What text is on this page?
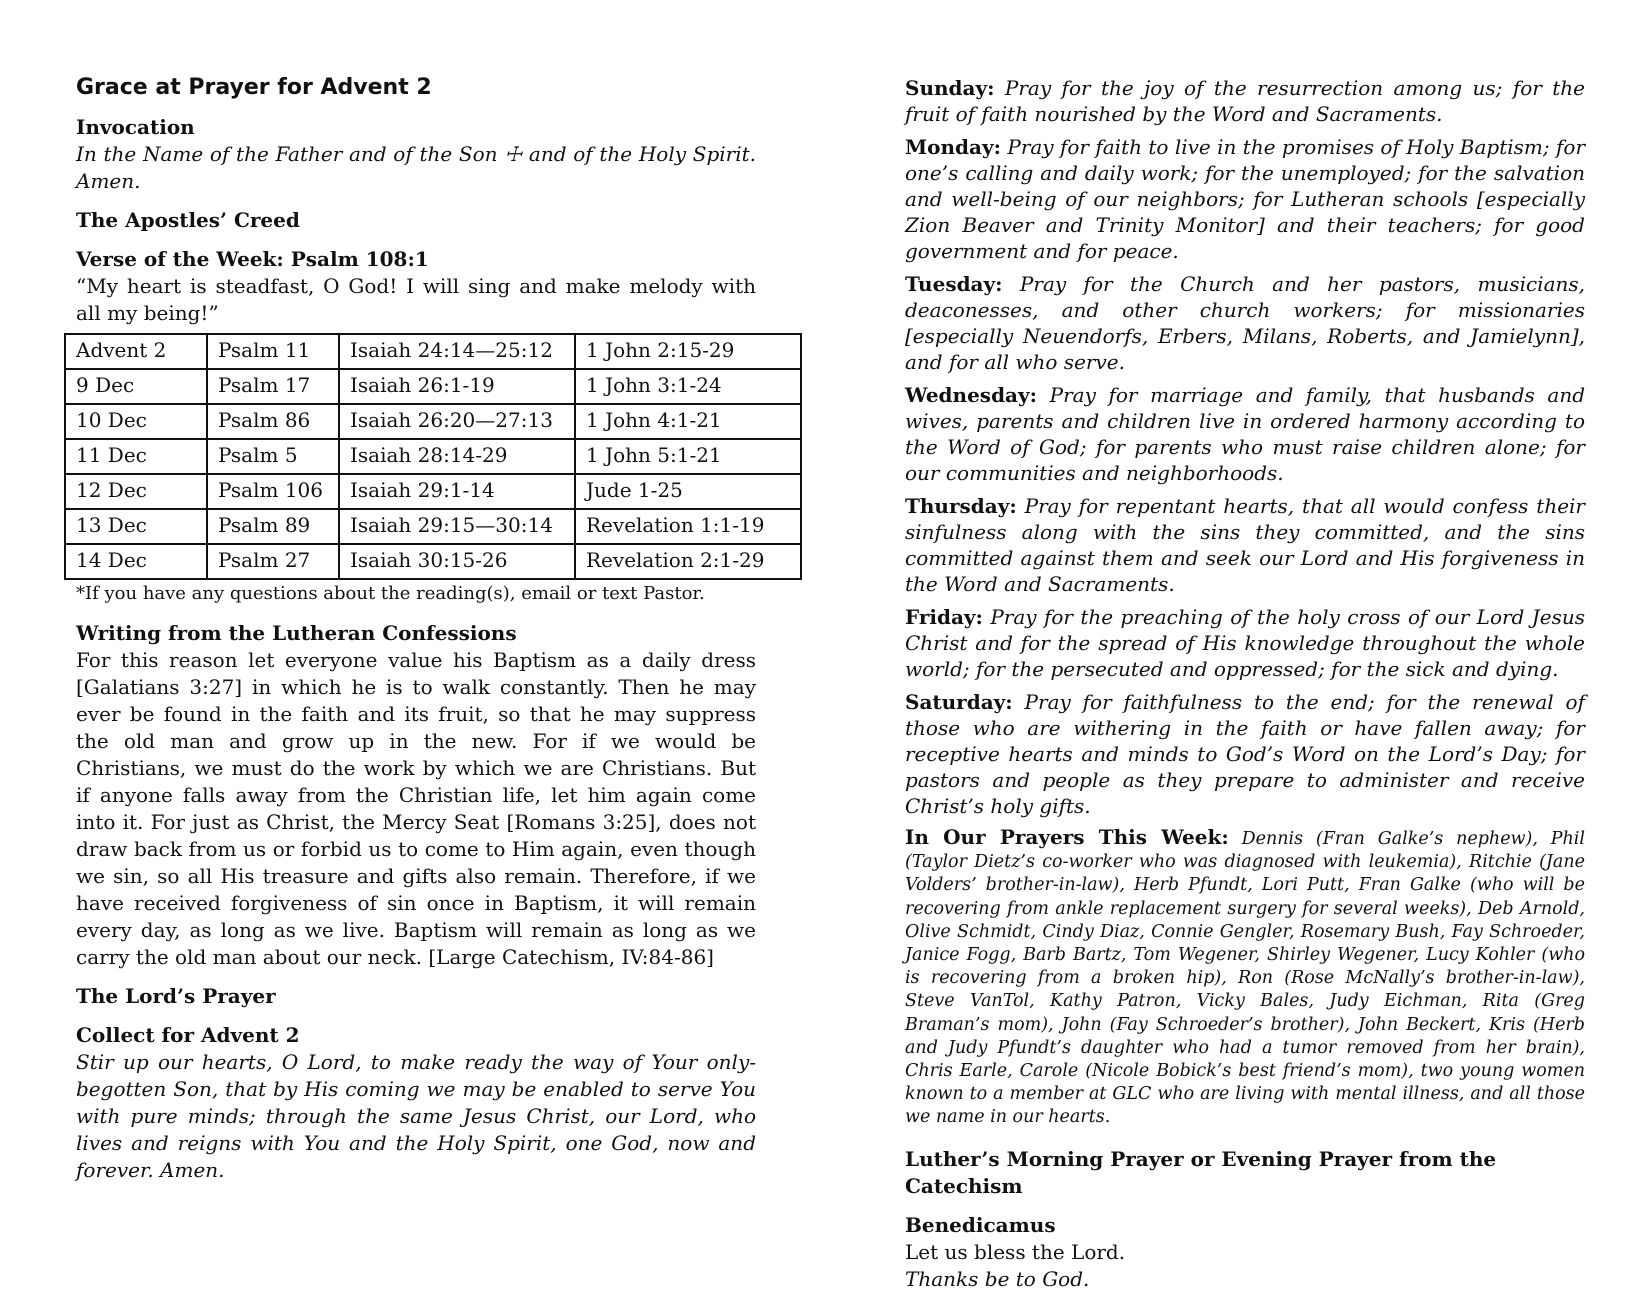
Grace at Prayer for Advent 2
Invocation
In the Name of the Father and of the Son ☩ and of the Holy Spirit. Amen.
The Apostles’ Creed
Verse of the Week: Psalm 108:1
“My heart is steadfast, O God! I will sing and make melody with all my being!”
Advent 2	Psalm 11	Isaiah 24:14—25:12	1 John 2:15-29
9 Dec	Psalm 17	Isaiah 26:1-19	1 John 3:1-24
10 Dec	Psalm 86	Isaiah 26:20—27:13	1 John 4:1-21
11 Dec	Psalm 5	Isaiah 28:14-29	1 John 5:1-21
12 Dec	Psalm 106	Isaiah 29:1-14	Jude 1-25
13 Dec	Psalm 89	Isaiah 29:15—30:14	Revelation 1:1-19
14 Dec	Psalm 27	Isaiah 30:15-26	Revelation 2:1-29
*If you have any questions about the reading(s), email or text Pastor.
Writing from the Lutheran Confessions
For this reason let everyone value his Baptism as a daily dress [Galatians 3:27] in which he is to walk constantly. Then he may ever be found in the faith and its fruit, so that he may suppress the old man and grow up in the new. For if we would be Christians, we must do the work by which we are Christians. But if anyone falls away from the Christian life, let him again come into it. For just as Christ, the Mercy Seat [Romans 3:25], does not draw back from us or forbid us to come to Him again, even though we sin, so all His treasure and gifts also remain. Therefore, if we have received forgiveness of sin once in Baptism, it will remain every day, as long as we live. Baptism will remain as long as we carry the old man about our neck. [Large Catechism, IV:84-86]
The Lord’s Prayer
Collect for Advent 2
Stir up our hearts, O Lord, to make ready the way of Your only-begotten Son, that by His coming we may be enabled to serve You with pure minds; through the same Jesus Christ, our Lord, who lives and reigns with You and the Holy Spirit, one God, now and forever. Amen.
Sunday: Pray for the joy of the resurrection among us; for the fruit of faith nourished by the Word and Sacraments.
Monday: Pray for faith to live in the promises of Holy Baptism; for one’s calling and daily work; for the unemployed; for the salvation and well-being of our neighbors; for Lutheran schools [especially Zion Beaver and Trinity Monitor] and their teachers; for good government and for peace.
Tuesday: Pray for the Church and her pastors, musicians, deaconesses, and other church workers; for missionaries [especially Neuendorfs, Erbers, Milans, Roberts, and Jamielynn], and for all who serve.
Wednesday: Pray for marriage and family, that husbands and wives, parents and children live in ordered harmony according to the Word of God; for parents who must raise children alone; for our communities and neighborhoods.
Thursday: Pray for repentant hearts, that all would confess their sinfulness along with the sins they committed, and the sins committed against them and seek our Lord and His forgiveness in the Word and Sacraments.
Friday: Pray for the preaching of the holy cross of our Lord Jesus Christ and for the spread of His knowledge throughout the whole world; for the persecuted and oppressed; for the sick and dying.
Saturday: Pray for faithfulness to the end; for the renewal of those who are withering in the faith or have fallen away; for receptive hearts and minds to God’s Word on the Lord’s Day; for pastors and people as they prepare to administer and receive Christ’s holy gifts.
In Our Prayers This Week: Dennis (Fran Galke’s nephew), Phil (Taylor Dietz’s co-worker who was diagnosed with leukemia), Ritchie (Jane Volders’ brother-in-law), Herb Pfundt, Lori Putt, Fran Galke (who will be recovering from ankle replacement surgery for several weeks), Deb Arnold, Olive Schmidt, Cindy Diaz, Connie Gengler, Rosemary Bush, Fay Schroeder, Janice Fogg, Barb Bartz, Tom Wegener, Shirley Wegener, Lucy Kohler (who is recovering from a broken hip), Ron (Rose McNally’s brother-in-law), Steve VanTol, Kathy Patron, Vicky Bales, Judy Eichman, Rita (Greg Braman’s mom), John (Fay Schroeder’s brother), John Beckert, Kris (Herb and Judy Pfundt’s daughter who had a tumor removed from her brain), Chris Earle, Carole (Nicole Bobick’s best friend’s mom), two young women known to a member at GLC who are living with mental illness, and all those we name in our hearts.
Luther’s Morning Prayer or Evening Prayer from the Catechism
Benedicamus
Let us bless the Lord.
Thanks be to God.
